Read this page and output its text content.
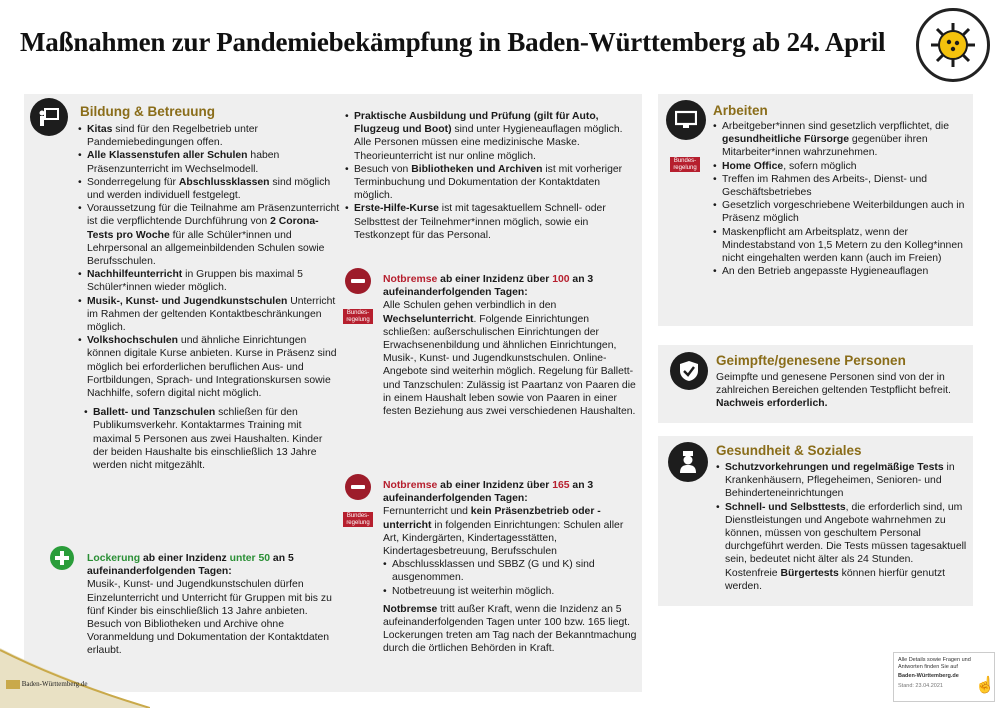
Maßnahmen zur Pandemiebekämpfung in Baden-Württemberg ab 24. April
Bildung & Betreuung
• Kitas sind für den Regelbetrieb unter Pandemiebedingungen offen.
• Alle Klassenstufen aller Schulen haben Präsenzunterricht im Wechselmodell.
• Sonderregelung für Abschlussklassen sind möglich und werden individuell festgelegt.
• Voraussetzung für die Teilnahme am Präsenzunterricht ist die verpflichtende Durchführung von 2 Corona-Tests pro Woche für alle Schüler*innen und Lehrpersonal an allgemeinbildenden Schulen sowie Berufsschulen.
• Nachhilfeunterricht in Gruppen bis maximal 5 Schüler*innen wieder möglich.
• Musik-, Kunst- und Jugendkunstschulen Unterricht im Rahmen der geltenden Kontaktbeschränkungen möglich.
• Volkshochschulen und ähnliche Einrichtungen können digitale Kurse anbieten. Kurse in Präsenz sind möglich bei erforderlichen beruflichen Aus- und Fortbildungen, Sprach- und Integrationskursen sowie Nachhilfe, sofern digital nicht möglich.
• Ballett- und Tanzschulen schließen für den Publikumsverkehr. Kontaktarmes Training mit maximal 5 Personen aus zwei Haushalten. Kinder der beiden Haushalte bis einschließlich 13 Jahre werden nicht mitgezählt.
Lockerung ab einer Inzidenz unter 50 an 5 aufeinanderfolgenden Tagen:
Musik-, Kunst- und Jugendkunstschulen dürfen Einzelunterricht und Unterricht für Gruppen mit bis zu fünf Kinder bis einschließlich 13 Jahre anbieten. Besuch von Bibliotheken und Archive ohne Voranmeldung und Dokumentation der Kontaktdaten erlaubt.
• Praktische Ausbildung und Prüfung (gilt für Auto, Flugzeug und Boot) sind unter Hygieneauflagen möglich. Alle Personen müssen eine medizinische Maske. Theorieunterricht ist nur online möglich.
• Besuch von Bibliotheken und Archiven ist mit vorheriger Terminbuchung und Dokumentation der Kontaktdaten möglich.
• Erste-Hilfe-Kurse ist mit tagesaktuellem Schnell- oder Selbsttest der Teilnehmer*innen möglich, sowie ein Testkonzept für das Personal.
Bundes-
regelung
Notbremse ab einer Inzidenz über 100 an 3 aufeinanderfolgenden Tagen:
Alle Schulen gehen verbindlich in den Wechselunterricht. Folgende Einrichtungen schließen: außerschulischen Einrichtungen der Erwachsenenbildung und ähnlichen Einrichtungen, Musik-, Kunst- und Jugendkunstschulen. Online-Angebote sind weiterhin möglich. Regelung für Ballett- und Tanzschulen: Zulässig ist Paartanz von Paaren die in einem Haushalt leben sowie von Paaren in einer festen Beziehung aus zwei verschiedenen Haushalten.
Bundes-
regelung
Notbremse ab einer Inzidenz über 165 an 3 aufeinanderfolgenden Tagen:
Fernunterricht und kein Präsenzbetrieb oder -unterricht in folgenden Einrichtungen: Schulen aller Art, Kindergärten, Kindertagesstätten, Kindertagesbetreuung, Berufsschulen
• Abschlussklassen und SBBZ (G und K) sind ausgenommen.
• Notbetreuung ist weiterhin möglich.
Notbremse tritt außer Kraft, wenn die Inzidenz an 5 aufeinanderfolgenden Tagen unter 100 bzw. 165 liegt. Lockerungen treten am Tag nach der Bekanntmachung durch die örtlichen Behörden in Kraft.
Bundes-
regelung
Arbeiten
• Arbeitgeber*innen sind gesetzlich verpflichtet, die gesundheitliche Fürsorge gegenüber ihren Mitarbeiter*innen wahrzunehmen.
• Home Office, sofern möglich
• Treffen im Rahmen des Arbeits-, Dienst- und Geschäftsbetriebes
• Gesetzlich vorgeschriebene Weiterbildungen auch in Präsenz möglich
• Maskenpflicht am Arbeitsplatz, wenn der Mindestabstand von 1,5 Metern zu den Kolleg*innen nicht eingehalten werden kann (auch im Freien)
• An den Betrieb angepasste Hygieneauflagen
Geimpfte/genesene Personen
Geimpfte und genesene Personen sind von der in zahlreichen Bereichen geltenden Testpflicht befreit. Nachweis erforderlich.
Gesundheit & Soziales
• Schutzvorkehrungen und regelmäßige Tests in Krankenhäusern, Pflegeheimen, Senioren- und Behinderteneinrichtungen
• Schnell- und Selbsttests, die erforderlich sind, um Dienstleistungen und Angebote wahrnehmen zu können, müssen von geschultem Personal durchgeführt werden. Die Tests müssen tagesaktuell sein, bedeutet nicht älter als 24 Stunden. Kostenfreie Bürgertests können hierfür genutzt werden.
Baden-Württemberg.de
Alle Details sowie Fragen und Antworten finden Sie auf
Baden-Württemberg.de
Stand: 23.04.2021	☝
